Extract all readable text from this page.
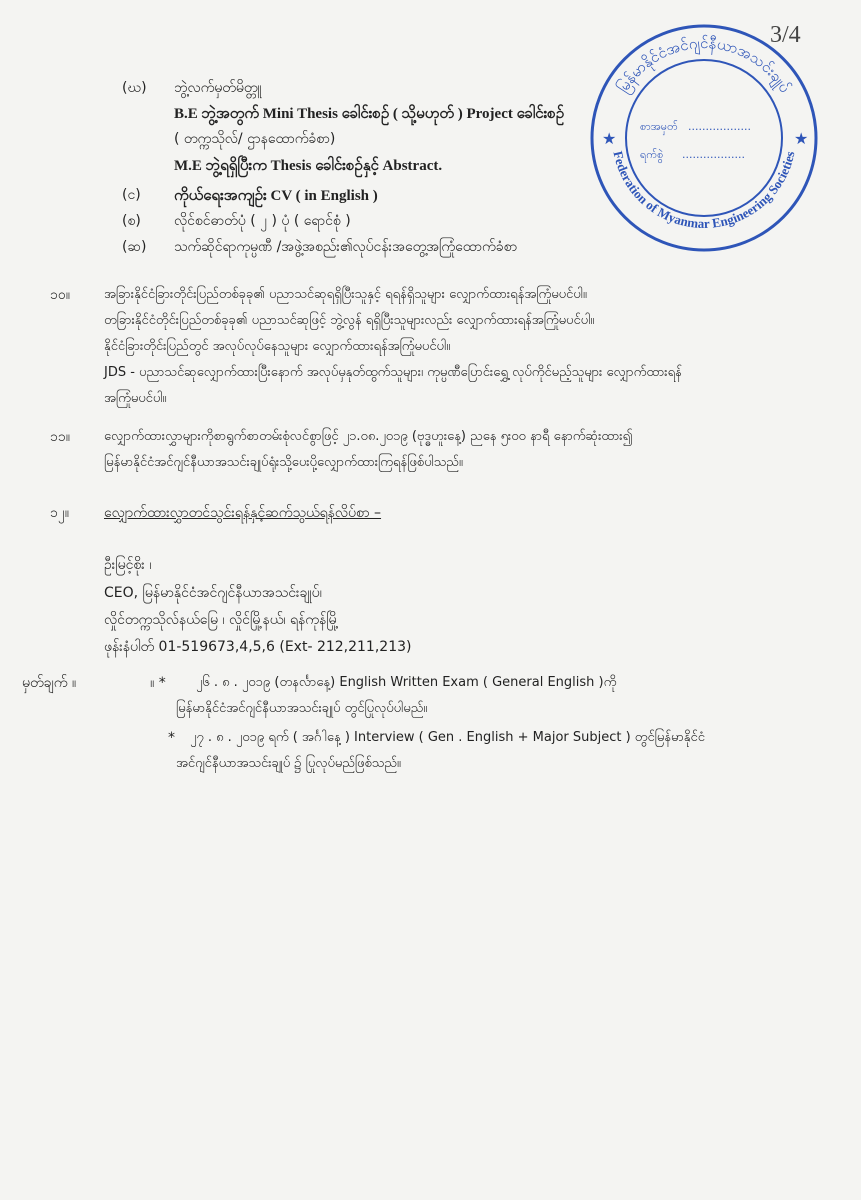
3/4
မြန်မာနိုင်ငံအင်ဂျင်နီယာအသင်းချုပ်
Federation of Myanmar Engineering Societies
★	★
စာအမှတ် ..................
ရက်စွဲ ..................
(ဃ) ဘွဲ့လက်မှတ်မိတ္တူ
B.E ဘွဲ့အတွက် Mini Thesis ခေါင်းစဉ် ( သို့မဟုတ် ) Project ခေါင်းစဉ်
( တက္ကသိုလ်/ ဌာနထောက်ခံစာ)
M.E ဘွဲ့ရရှိပြီးက Thesis ခေါင်းစဉ်နှင့် Abstract.
(င) ကိုယ်ရေးအကျဉ်း CV ( in English )
(စ) လိုင်စင်ဓာတ်ပုံ ( ၂ ) ပုံ ( ရောင်စုံ )
(ဆ) သက်ဆိုင်ရာကုမ္ပဏီ /အဖွဲ့အစည်း၏လုပ်ငန်းအတွေ့အကြုံထောက်ခံစာ
၁၀။	အခြားနိုင်ငံခြားတိုင်းပြည်တစ်ခုခု၏ ပညာသင်ဆုရရှိပြီးသူနှင့် ရရန်ရှိသူများ လျှောက်ထားရန်အကြုံမပင်ပါ။
တခြားနိုင်ငံတိုင်းပြည်တစ်ခုခု၏ ပညာသင်ဆုဖြင့် ဘွဲ့လွန် ရရှိပြီးသူများလည်း လျှောက်ထားရန်အကြုံမပင်ပါ။
နိုင်ငံခြားတိုင်းပြည်တွင် အလုပ်လုပ်နေသူများ လျှောက်ထားရန်အကြုံမပင်ပါ။
JDS - ပညာသင်ဆုလျှောက်ထားပြီးနောက် အလုပ်မှနုတ်ထွက်သူများ၊ ကုမ္ပဏီပြောင်းရွှေ့ လုပ်ကိုင်မည့်သူများ လျှောက်ထားရန်
အကြုံမပင်ပါ။
၁၁။	လျှောက်ထားလွှာများကိုစာရွက်စာတမ်းစုံလင်စွာဖြင့် ၂၁.၀၈.၂၀၁၉ (ဗုဒ္ဓဟူးနေ့) ညနေ ၅း၀၀ နာရီ နောက်ဆုံးထား၍
မြန်မာနိုင်ငံအင်ဂျင်နီယာအသင်းချုပ်ရုံးသို့ပေးပို့လျှောက်ထားကြရန်ဖြစ်ပါသည်။
၁၂။	လျှောက်ထားလွှာတင်သွင်းရန်နှင့်ဆက်သွယ်ရန်လိပ်စာ –
ဦးမြင့်စိုး ၊
CEO, မြန်မာနိုင်ငံအင်ဂျင်နီယာအသင်းချုပ်၊
လှိုင်တက္ကသိုလ်နယ်မြေ ၊ လှိုင်မြို့နယ်၊ ရန်ကုန်မြို့
ဖုန်းနံပါတ် 01-519673,4,5,6 (Ext- 212,211,213)
မှတ်ချက် ။	။ * ၂၆ . ၈ . ၂၀၁၉ (တနင်္လာနေ့) English Written Exam ( General English )ကို
မြန်မာနိုင်ငံအင်ဂျင်နီယာအသင်းချုပ် တွင်ပြုလုပ်ပါမည်။
* ၂၇ . ၈ . ၂၀၁၉ ရက် ( အင်္ဂါနေ့ ) Interview ( Gen . English + Major Subject ) တွင်မြန်မာနိုင်ငံ
အင်ဂျင်နီယာအသင်းချုပ် ၌ ပြုလုပ်မည်ဖြစ်သည်။
